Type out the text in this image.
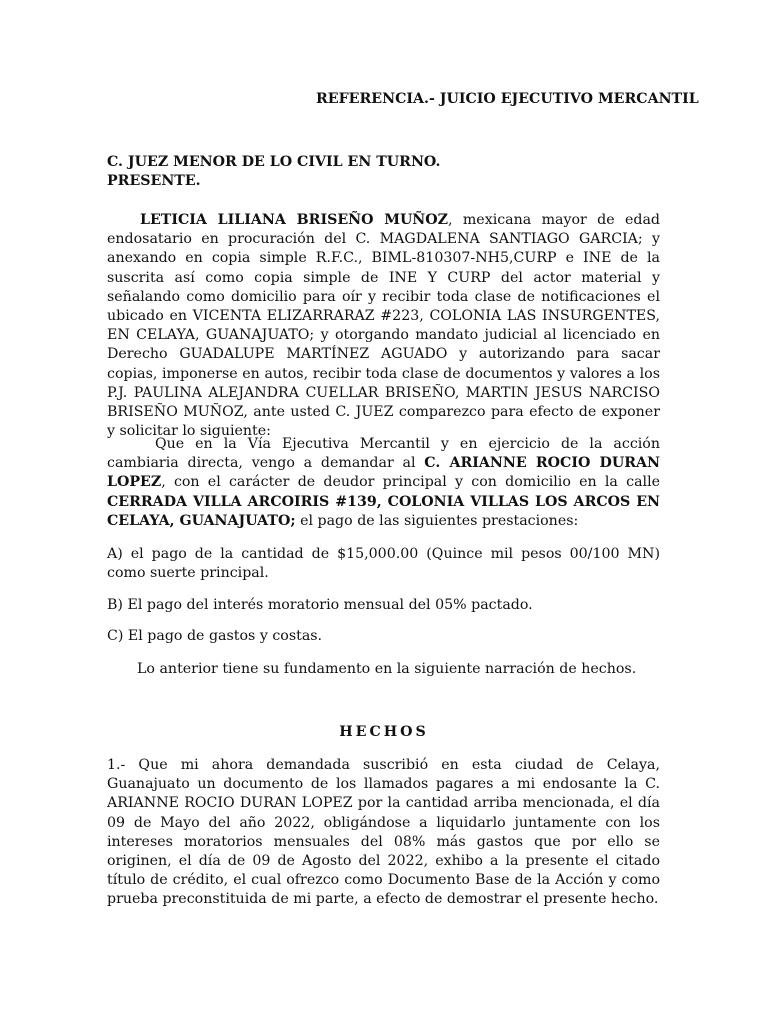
REFERENCIA.- JUICIO EJECUTIVO MERCANTIL
C. JUEZ MENOR DE LO CIVIL EN TURNO.
PRESENTE.

LETICIA LILIANA BRISEÑO MUÑOZ, mexicana mayor de edad endosatario en procuración del C. MAGDALENA SANTIAGO GARCIA; y anexando en copia simple R.F.C., BIML-810307-NH5,CURP e INE de la suscrita así como copia simple de INE Y CURP del actor material y señalando como domicilio para oír y recibir toda clase de notificaciones el ubicado en VICENTA ELIZARRARAZ #223, COLONIA LAS INSURGENTES, EN CELAYA, GUANAJUATO; y otorgando mandato judicial al licenciado en Derecho GUADALUPE MARTÍNEZ AGUADO y autorizando para sacar copias, imponerse en autos, recibir toda clase de documentos y valores a los P.J. PAULINA ALEJANDRA CUELLAR BRISEÑO, MARTIN JESUS NARCISO BRISEÑO MUÑOZ, ante usted C. JUEZ comparezco para efecto de exponer y solicitar lo siguiente:

Que en la Vía Ejecutiva Mercantil y en ejercicio de la acción cambiaria directa, vengo a demandar al C. ARIANNE ROCIO DURAN LOPEZ, con el carácter de deudor principal y con domicilio en la calle CERRADA VILLA ARCOIRIS #139, COLONIA VILLAS LOS ARCOS EN CELAYA, GUANAJUATO; el pago de las siguientes prestaciones:

A) el pago de la cantidad de $15,000.00 (Quince mil pesos 00/100 MN) como suerte principal.

B) El pago del interés moratorio mensual del 05% pactado.

C) El pago de gastos y costas.

Lo anterior tiene su fundamento en la siguiente narración de hechos.

HECHOS

1.- Que mi ahora demandada suscribió en esta ciudad de Celaya, Guanajuato un documento de los llamados pagares a mi endosante la C. ARIANNE ROCIO DURAN LOPEZ por la cantidad arriba mencionada, el día 09 de Mayo del año 2022, obligándose a liquidarlo juntamente con los intereses moratorios mensuales del 08% más gastos que por ello se originen, el día de 09 de Agosto del 2022, exhibo a la presente el citado título de crédito, el cual ofrezco como Documento Base de la Acción y como prueba preconstituida de mi parte, a efecto de demostrar el presente hecho.
